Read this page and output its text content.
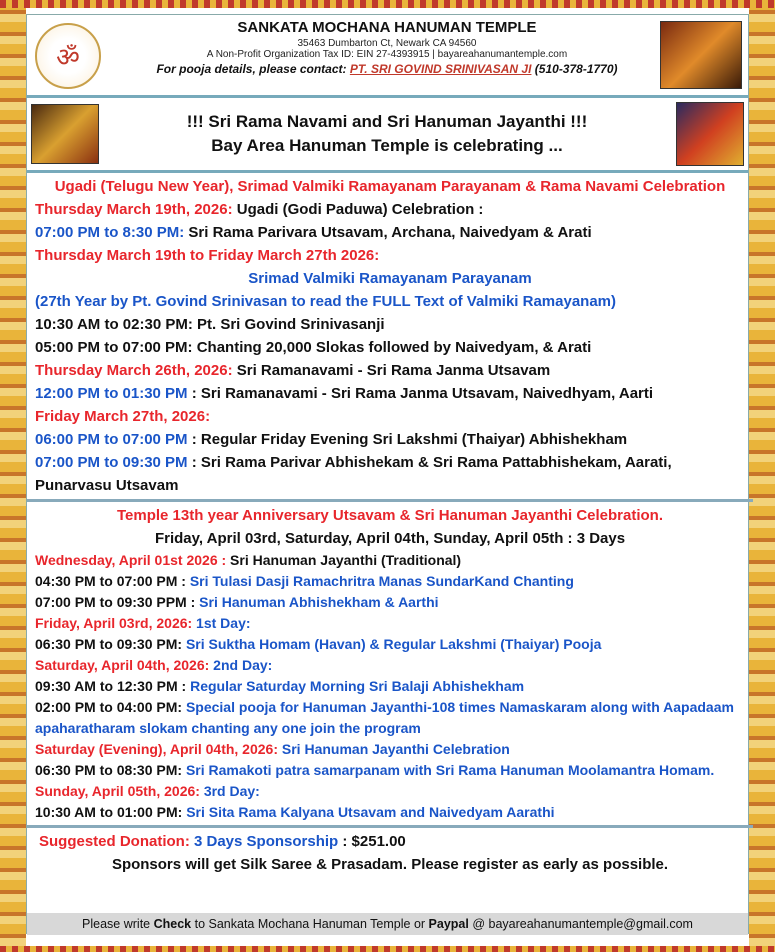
ॐ
SANKATA MOCHANA HANUMAN TEMPLE
35463 Dumbarton Ct, Newark CA 94560
A Non-Profit Organization Tax ID: EIN 27-4393915 | bayareahanumantemple.com
For pooja details, please contact: PT. SRI GOVIND SRINIVASAN JI (510-378-1770)
!!! Sri Rama Navami and Sri Hanuman Jayanthi !!!
Bay Area Hanuman Temple is celebrating ...
Ugadi (Telugu New Year), Srimad Valmiki Ramayanam Parayanam & Rama Navami Celebration
Thursday March 19th, 2026: Ugadi (Godi Paduwa) Celebration :
07:00 PM to 8:30 PM: Sri Rama Parivara Utsavam, Archana, Naivedyam & Arati
Thursday March 19th to Friday March 27th 2026:
Srimad Valmiki Ramayanam Parayanam
(27th Year by Pt. Govind Srinivasan to read the FULL Text of Valmiki Ramayanam)
10:30 AM to 02:30 PM: Pt. Sri Govind Srinivasanji
05:00 PM to 07:00 PM: Chanting 20,000 Slokas followed by Naivedyam, & Arati
Thursday March 26th, 2026: Sri Ramanavami - Sri Rama Janma Utsavam
12:00 PM to 01:30 PM : Sri Ramanavami - Sri Rama Janma Utsavam, Naivedhyam, Aarti
Friday March 27th, 2026:
06:00 PM to 07:00 PM : Regular Friday Evening Sri Lakshmi (Thaiyar) Abhishekham
07:00 PM to 09:30 PM : Sri Rama Parivar Abhishekam & Sri Rama Pattabhishekam, Aarati, Punarvasu Utsavam
Temple 13th year Anniversary Utsavam & Sri Hanuman Jayanthi Celebration.
Friday, April 03rd, Saturday, April 04th, Sunday, April 05th : 3 Days
Wednesday, April 01st 2026 : Sri Hanuman Jayanthi (Traditional)
04:30 PM to 07:00 PM : Sri Tulasi Dasji Ramachritra Manas SundarKand Chanting
07:00 PM to 09:30 PPM : Sri Hanuman Abhishekham & Aarthi
Friday, April 03rd, 2026: 1st Day:
06:30 PM to 09:30 PM: Sri Suktha Homam (Havan) & Regular Lakshmi (Thaiyar) Pooja
Saturday, April 04th, 2026: 2nd Day:
09:30 AM to 12:30 PM : Regular Saturday Morning Sri Balaji Abhishekham
02:00 PM to 04:00 PM: Special pooja for Hanuman Jayanthi-108 times Namaskaram along with Aapadaam apaharatharam slokam chanting any one join the program
Saturday (Evening), April 04th, 2026: Sri Hanuman Jayanthi Celebration
06:30 PM to 08:30 PM: Sri Ramakoti patra samarpanam with Sri Rama Hanuman Moolamantra Homam.
Sunday, April 05th, 2026: 3rd Day:
10:30 AM to 01:00 PM: Sri Sita Rama Kalyana Utsavam and Naivedyam Aarathi
Suggested Donation: 3 Days Sponsorship : $251.00
Sponsors will get Silk Saree & Prasadam. Please register as early as possible.
Please write Check to Sankata Mochana Hanuman Temple or Paypal @ bayareahanumantemple@gmail.com
